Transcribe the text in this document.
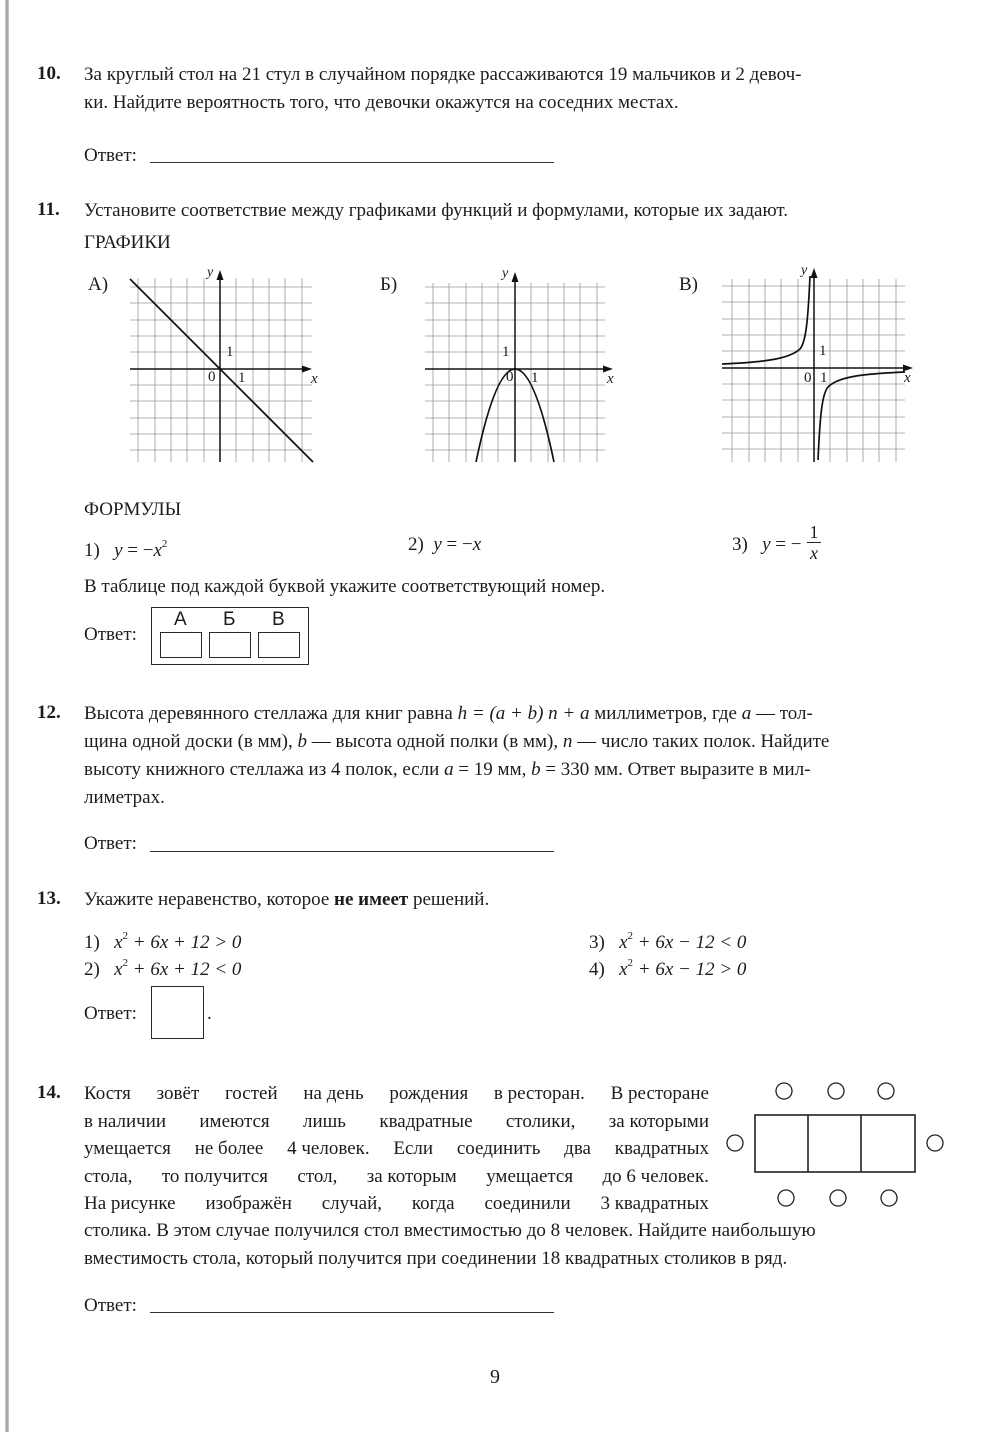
10. За круглый стол на 21 стул в случайном порядке рассаживаются 19 мальчиков и 2 девоч-
ки. Найдите вероятность того, что девочки окажутся на соседних местах.
Ответ:
11. Установите соответствие между графиками функций и формулами, которые их задают.
ГРАФИКИ
А)	Б)	В)
y
x
0
1
1
y
x
0
1
1
y
x
0
1
1
ФОРМУЛЫ
1) $y = -x^2$	2) y = −x	3) y = −
1
x
В таблице под каждой буквой укажите соответствующий номер.
Ответ:
А Б В
12. Высота деревянного стеллажа для книг равна h = (a + b) n + a миллиметров, где a — тол-
щина одной доски (в мм), b — высота одной полки (в мм), n — число таких полок. Найдите
высоту книжного стеллажа из 4 полок, если a = 19 мм, b = 330 мм. Ответ выразите в мил-
лиметрах.
Ответ:
13. Укажите неравенство, которое не имеет решений.
1) $x^2 + 6x + 12 > 0$
2) $x^2 + 6x + 12 < 0$
3) $x^2 + 6x - 12 < 0$
4) $x^2 + 6x - 12 > 0$
Ответ:	.
14. Костя зовёт гостей на день рождения в ресторан. В ресторане
в наличии имеются лишь квадратные столики, за которыми
умещается не более 4 человек. Если соединить два квадратных
стола, то получится стол, за которым умещается до 6 человек.
На рисунке изображён случай, когда соединили 3 квадратных
столика. В этом случае получился стол вместимостью до 8 человек. Найдите наибольшую
вместимость стола, который получится при соединении 18 квадратных столиков в ряд.
Ответ:
9
